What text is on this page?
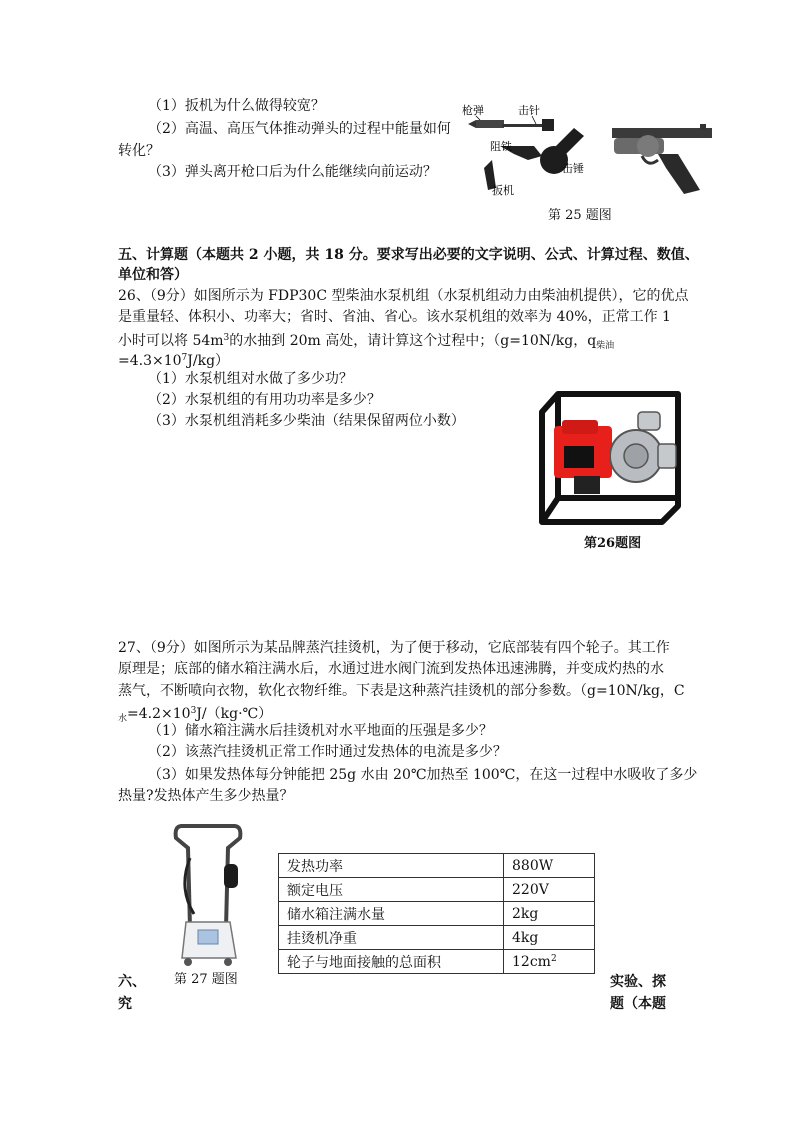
（1）扳机为什么做得较宽？
（2）高温、高压气体推动弹头的过程中能量如何
转化？
（3）弹头离开枪口后为什么能继续向前运动？
枪弹	击针
阻铁
击锤
扳机
第 25 题图
五、计算题（本题共 2 小题，共 18 分。要求写出必要的文字说明、公式、计算过程、数值、
单位和答）
26、（9分）如图所示为 FDP30C 型柴油水泵机组（水泵机组动力由柴油机提供），它的优点
是重量轻、体积小、功率大；省时、省油、省心。该水泵机组的效率为 40%，正常工作 1
小时可以将 $54m^3$的水抽到 20m 高处，请计算这个过程中；（g=10N/kg，$q_{柴油}$
$=4.3\times 10^7J/kg$）
（1）水泵机组对水做了多少功？
（2）水泵机组的有用功功率是多少？
（3）水泵机组消耗多少柴油（结果保留两位小数）
第26题图
27、（9分）如图所示为某品牌蒸汽挂烫机，为了便于移动，它底部装有四个轮子。其工作
原理是；底部的储水箱注满水后，水通过进水阀门流到发热体迅速沸腾，并变成灼热的水
蒸气，不断喷向衣物，软化衣物纤维。下表是这种蒸汽挂烫机的部分参数。（g=10N/kg，C
$_水=4.2\times 10^3J/(kg\cdot℃)$
（1）储水箱注满水后挂烫机对水平地面的压强是多少？
（2）该蒸汽挂烫机正常工作时通过发热体的电流是多少？
（3）如果发热体每分钟能把 25g 水由 20℃加热至 100℃，在这一过程中水吸收了多少
热量?发热体产生多少热量？
第 27 题图
发热功率	880W
额定电压	220V
储水箱注满水量	2kg
挂烫机净重	4kg
轮子与地面接触的总面积	$12cm^2$
六、
究
实验、探
题（本题
